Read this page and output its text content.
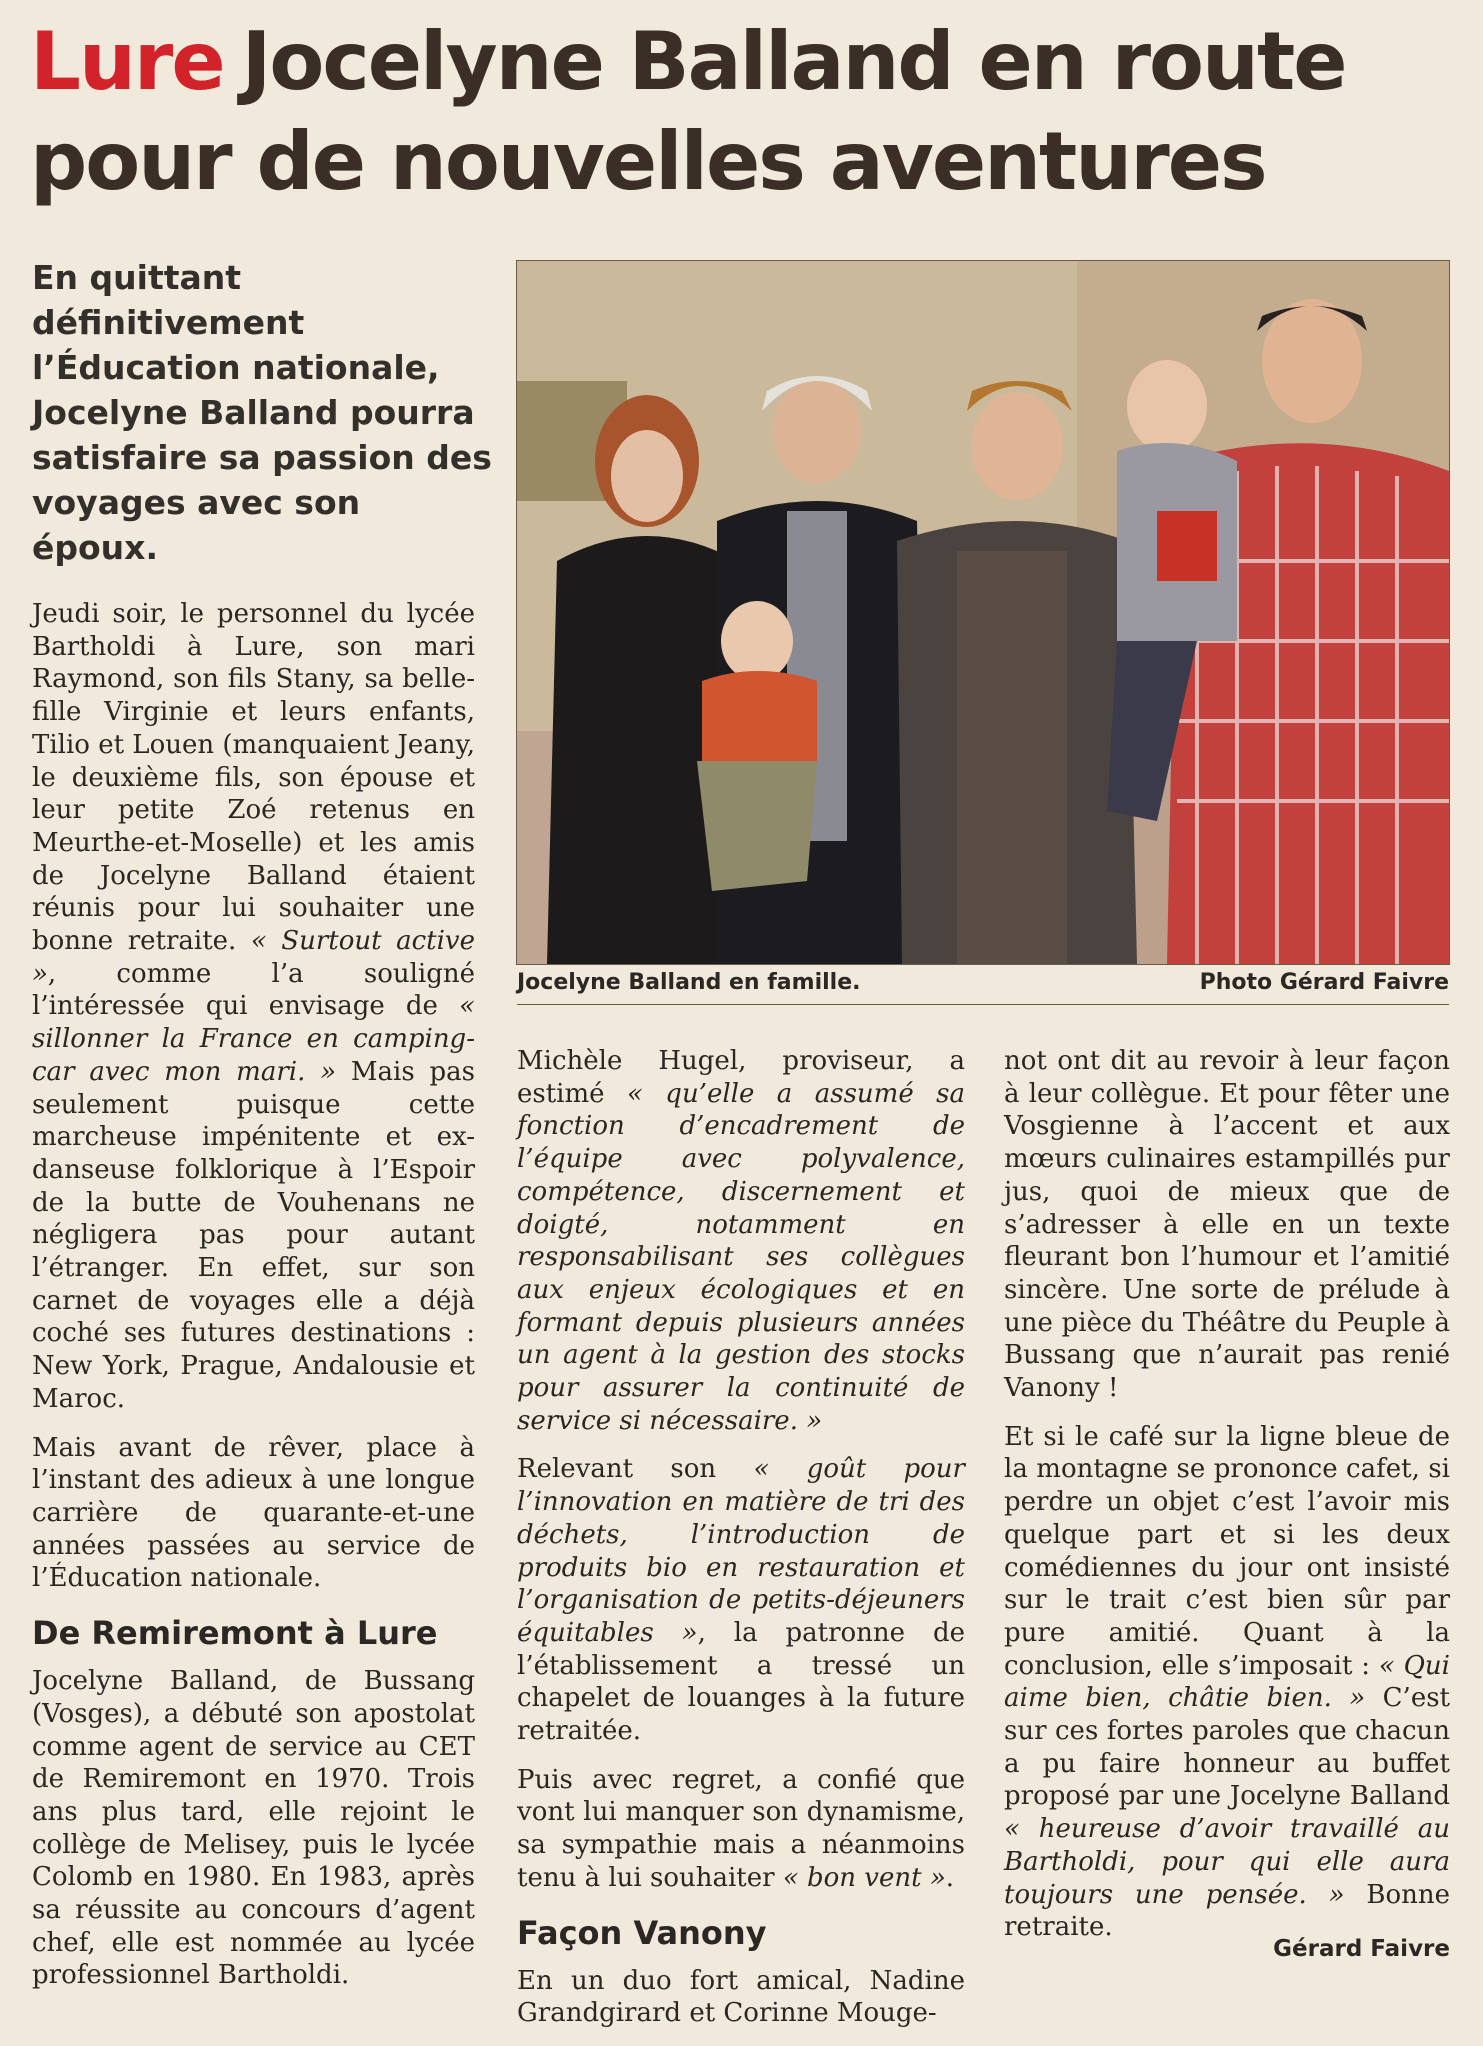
Lure Jocelyne Balland en route pour de nouvelles aventures

En quittant définitivement l’Éducation nationale, Jocelyne Balland pourra satisfaire sa passion des voyages avec son époux.

Jocelyne Balland en famille.	Photo Gérard Faivre

Jeudi soir, le personnel du lycée Bartholdi à Lure, son mari Raymond, son fils Stany, sa belle-fille Virginie et leurs enfants, Tilio et Louen (manquaient Jeany, le deuxième fils, son épouse et leur petite Zoé retenus en Meurthe-et-Moselle) et les amis de Jocelyne Balland étaient réunis pour lui souhaiter une bonne retraite. « Surtout active », comme l’a souligné l’intéressée qui envisage de « sillonner la France en camping-car avec mon mari. » Mais pas seulement puisque cette marcheuse impénitente et ex-danseuse folklorique à l’Espoir de la butte de Vouhenans ne négligera pas pour autant l’étranger. En effet, sur son carnet de voyages elle a déjà coché ses futures destinations : New York, Prague, Andalousie et Maroc.

Mais avant de rêver, place à l’instant des adieux à une longue carrière de quarante-et-une années passées au service de l’Éducation nationale.

De Remiremont à Lure

Jocelyne Balland, de Bussang (Vosges), a débuté son apostolat comme agent de service au CET de Remiremont en 1970. Trois ans plus tard, elle rejoint le collège de Melisey, puis le lycée Colomb en 1980. En 1983, après sa réussite au concours d’agent chef, elle est nommée au lycée professionnel Bartholdi.

Michèle Hugel, proviseur, a estimé « qu’elle a assumé sa fonction d’encadrement de l’équipe avec polyvalence, compétence, discernement et doigté, notamment en responsabilisant ses collègues aux enjeux écologiques et en formant depuis plusieurs années un agent à la gestion des stocks pour assurer la continuité de service si nécessaire. »

Relevant son « goût pour l’innovation en matière de tri des déchets, l’introduction de produits bio en restauration et l’organisation de petits-déjeuners équitables », la patronne de l’établissement a tressé un chapelet de louanges à la future retraitée.

Puis avec regret, a confié que vont lui manquer son dynamisme, sa sympathie mais a néanmoins tenu à lui souhaiter « bon vent ».

Façon Vanony

En un duo fort amical, Nadine Grandgirard et Corinne Mouge-

not ont dit au revoir à leur façon à leur collègue. Et pour fêter une Vosgienne à l’accent et aux mœurs culinaires estampillés pur jus, quoi de mieux que de s’adresser à elle en un texte fleurant bon l’humour et l’amitié sincère. Une sorte de prélude à une pièce du Théâtre du Peuple à Bussang que n’aurait pas renié Vanony !

Et si le café sur la ligne bleue de la montagne se prononce cafet, si perdre un objet c’est l’avoir mis quelque part et si les deux comédiennes du jour ont insisté sur le trait c’est bien sûr par pure amitié. Quant à la conclusion, elle s’imposait : « Qui aime bien, châtie bien. » C’est sur ces fortes paroles que chacun a pu faire honneur au buffet proposé par une Jocelyne Balland « heureuse d’avoir travaillé au Bartholdi, pour qui elle aura toujours une pensée. » Bonne retraite.

Gérard Faivre
